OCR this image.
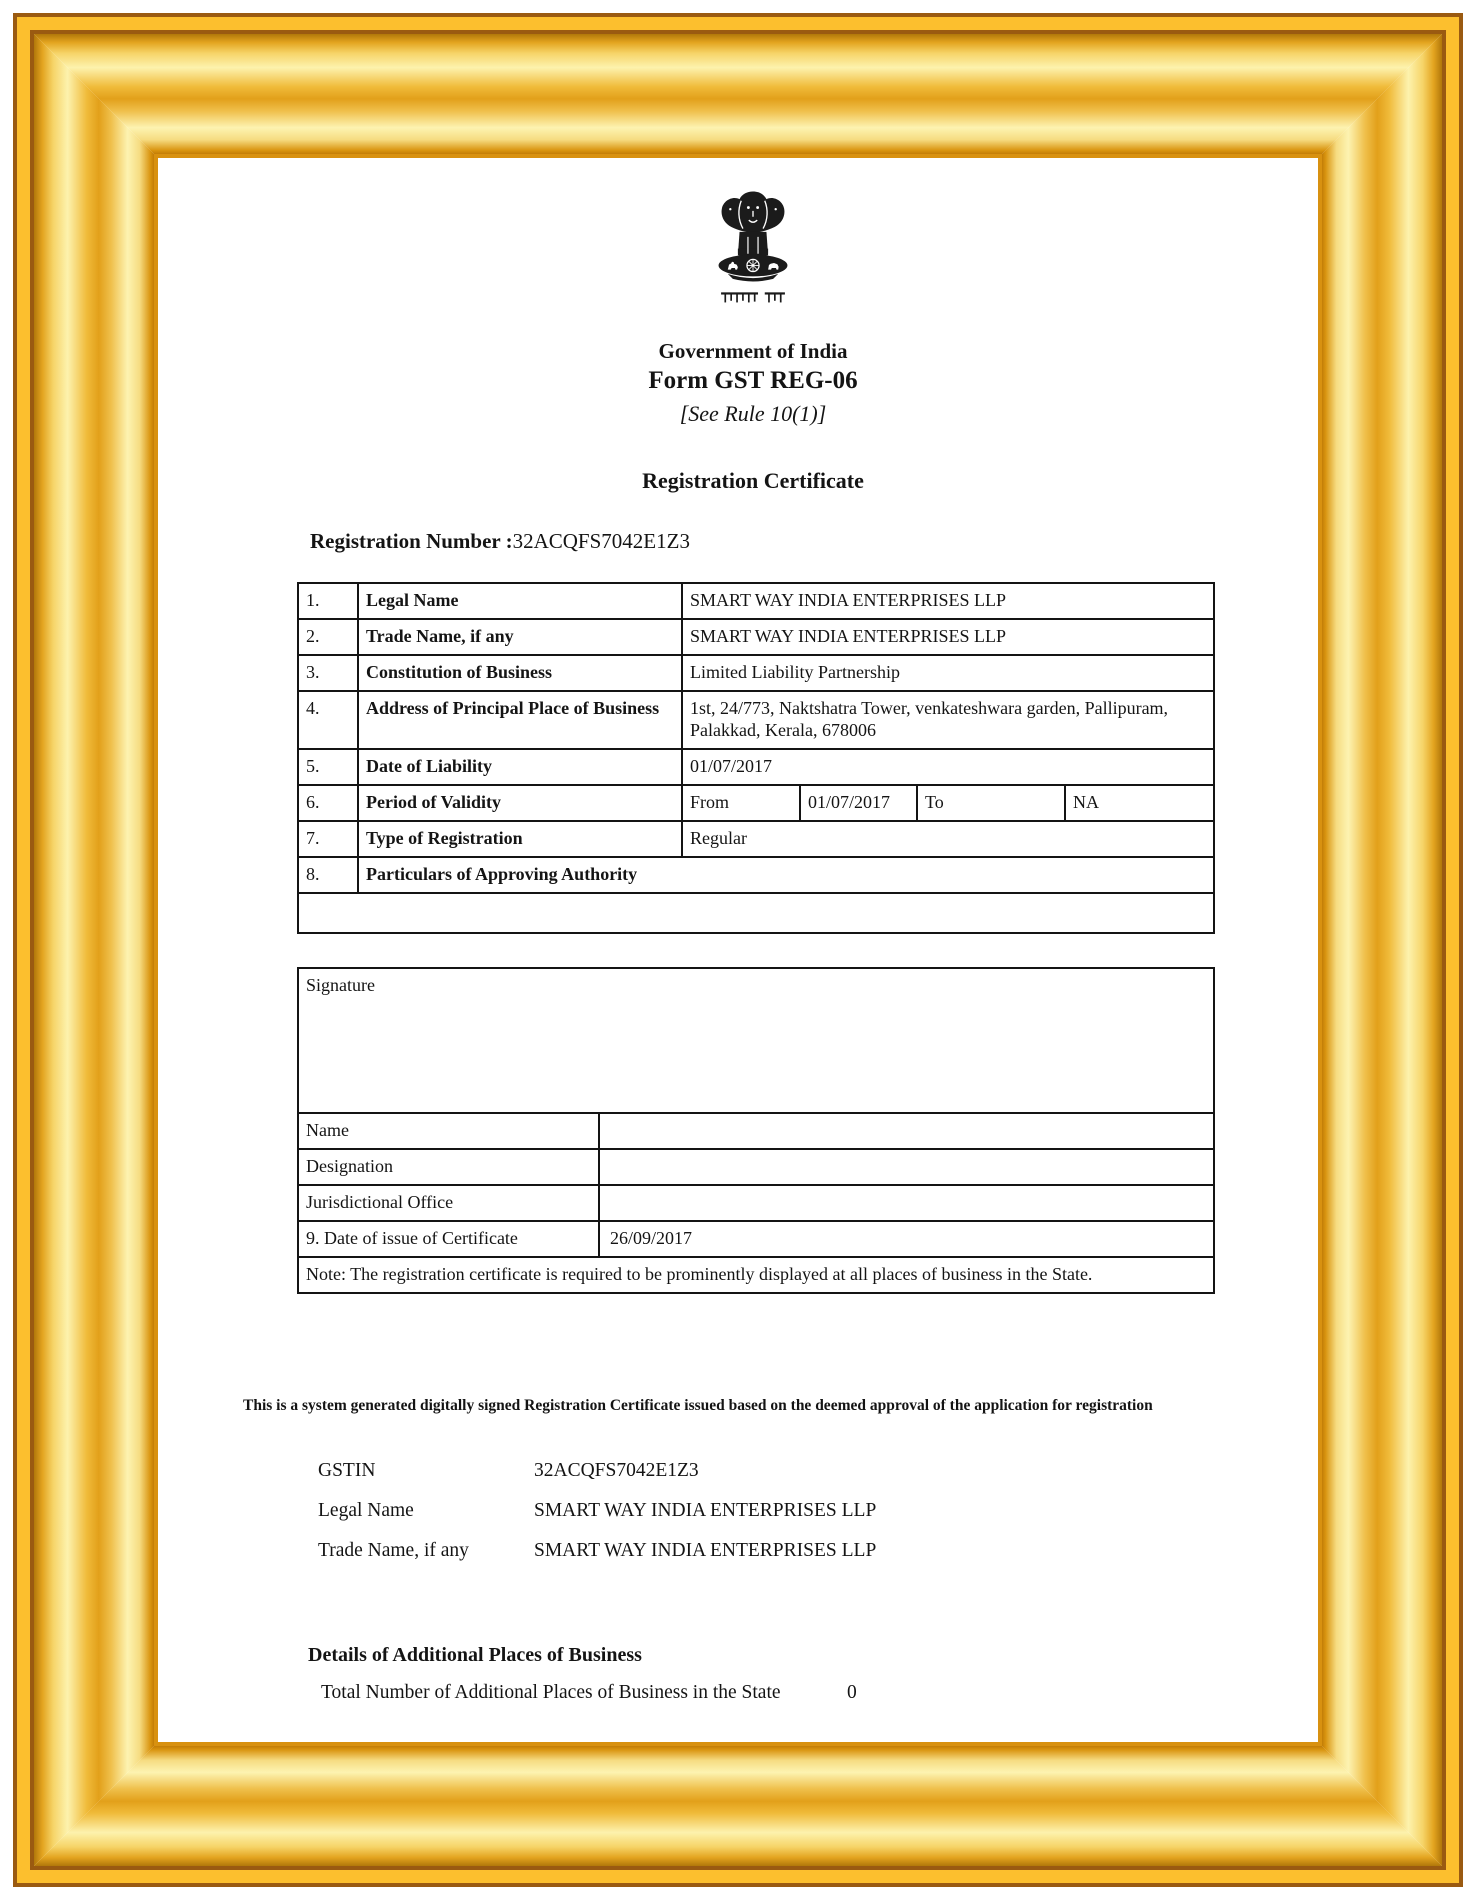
Government of India
Form GST REG-06
[See Rule 10(1)]
Registration Certificate
Registration Number :32ACQFS7042E1Z3
1.	Legal Name	SMART WAY INDIA ENTERPRISES LLP			
2.	Trade Name, if any	SMART WAY INDIA ENTERPRISES LLP			
3.	Constitution of Business	Limited Liability Partnership			
4.	Address of Principal Place of Business	1st, 24/773, Naktshatra Tower, venkateshwara garden, Pallipuram, Palakkad, Kerala, 678006			
5.	Date of Liability	01/07/2017			
6.	Period of Validity	From	01/07/2017	To	NA
7.	Type of Registration	Regular			
8.	Particulars of Approving Authority				

Signature	
Name	
Designation	
Jurisdictional Office	
9. Date of issue of Certificate	26/09/2017
Note: The registration certificate is required to be prominently displayed at all places of business in the State.	
This is a system generated digitally signed Registration Certificate issued based on the deemed approval of the application for registration
GSTIN	32ACQFS7042E1Z3
Legal Name	SMART WAY INDIA ENTERPRISES LLP
Trade Name, if any	SMART WAY INDIA ENTERPRISES LLP
Details of Additional Places of Business
Total Number of Additional Places of Business in the State	0
